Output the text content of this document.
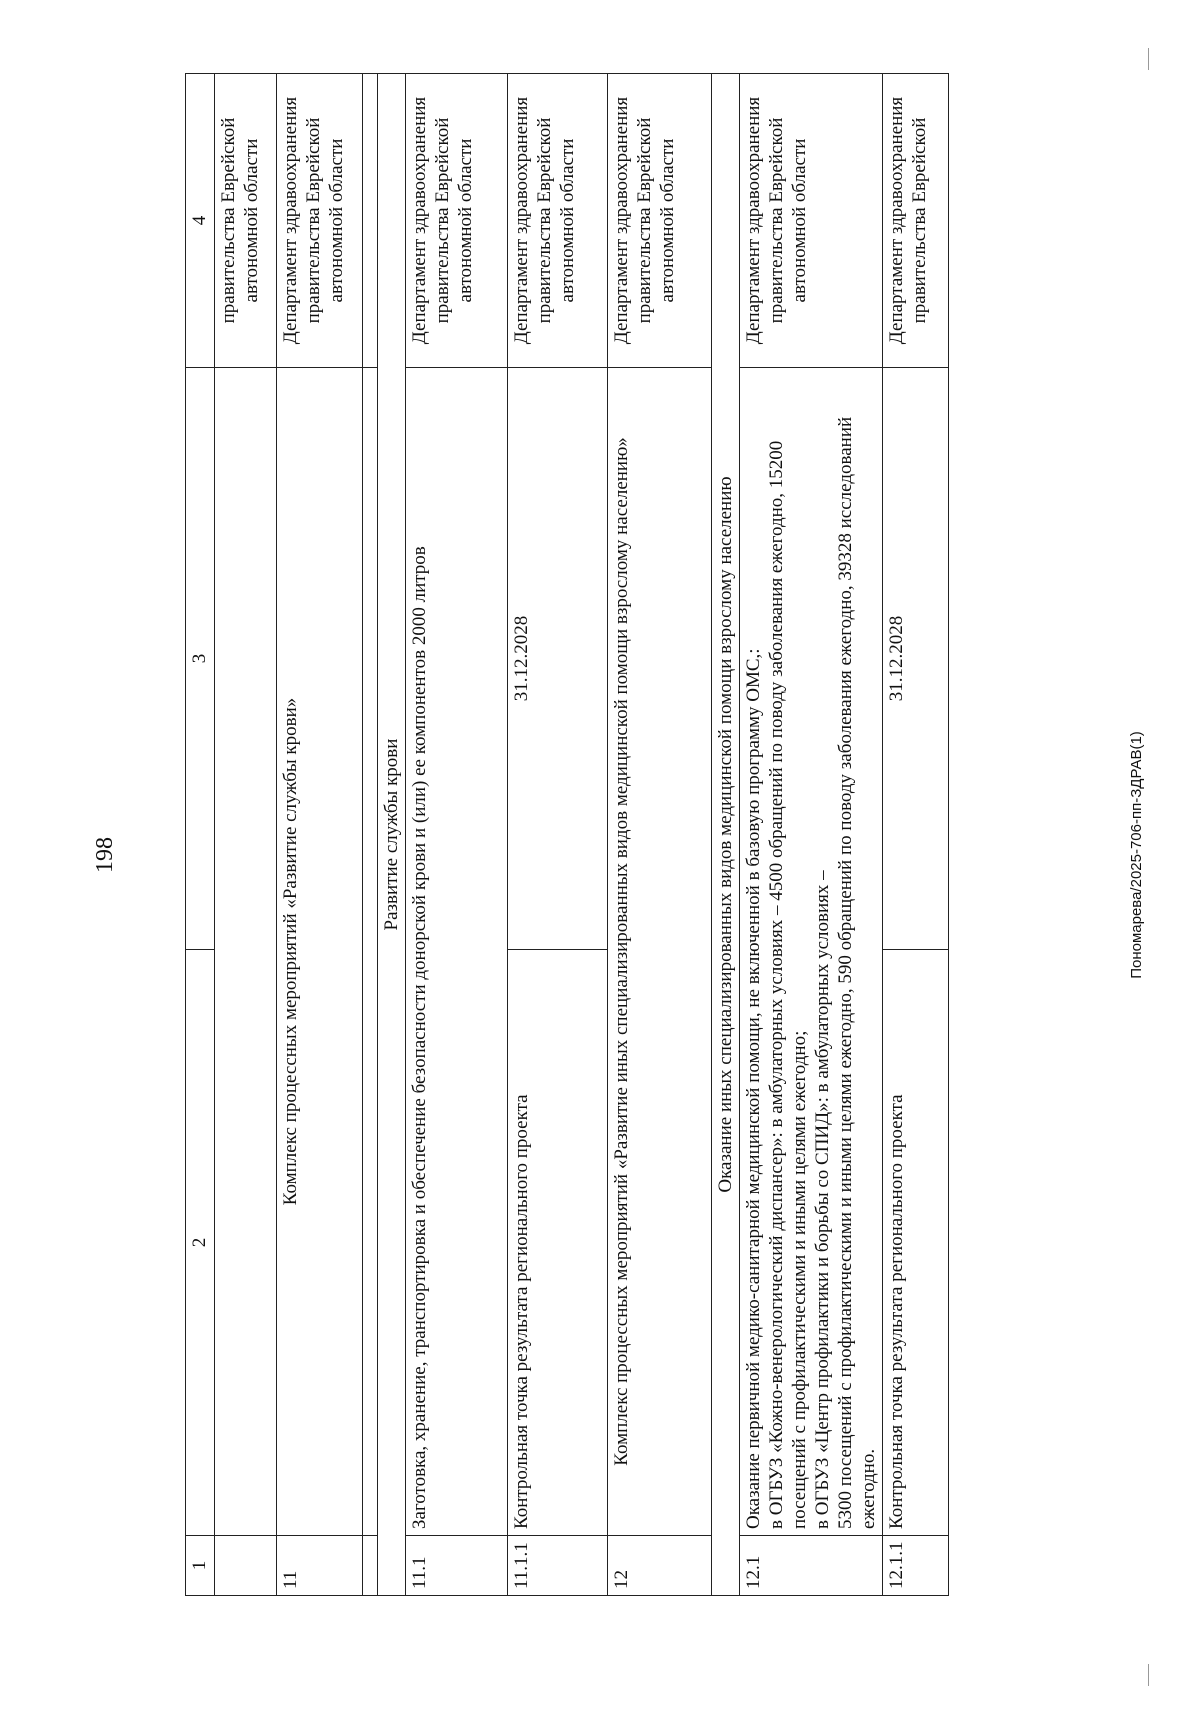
198
1	2	3	4
			правительства Еврейской автономной области
11	Комплекс процессных мероприятий «Развитие службы крови»		Департамент здравоохранения правительства Еврейской автономной области

Развитие службы крови			
11.1	Заготовка, хранение, транспортировка и обеспечение безопасности донорской крови и (или) ее компонентов 2000 литров		Департамент здравоохранения правительства Еврейской автономной области
11.1.1	Контрольная точка результата регионального проекта	31.12.2028	Департамент здравоохранения правительства Еврейской автономной области
12	Комплекс процессных мероприятий «Развитие иных специализированных видов медицинской помощи взрослому населению»		Департамент здравоохранения правительства Еврейской автономной области
Оказание иных специализированных видов медицинской помощи взрослому населению			
12.1	Оказание первичной медико-санитарной медицинской помощи, не включенной в базовую программу ОМС,: в ОГБУЗ «Кожно-венерологический диспансер»: в амбулаторных условиях – 4500 обращений по поводу заболевания ежегодно, 15200 посещений с профилактическими и иными целями ежегодно; в ОГБУЗ «Центр профилактики и борьбы со СПИД»: в амбулаторных условиях – 5300 посещений с профилактическими и иными целями ежегодно, 590 обращений по поводу заболевания ежегодно, 39328 исследований ежегодно.		Департамент здравоохранения правительства Еврейской автономной области
12.1.1	Контрольная точка результата регионального проекта	31.12.2028	Департамент здравоохранения правительства Еврейской
Пономарева/2025-706-пп-ЗДРАВ(1)
